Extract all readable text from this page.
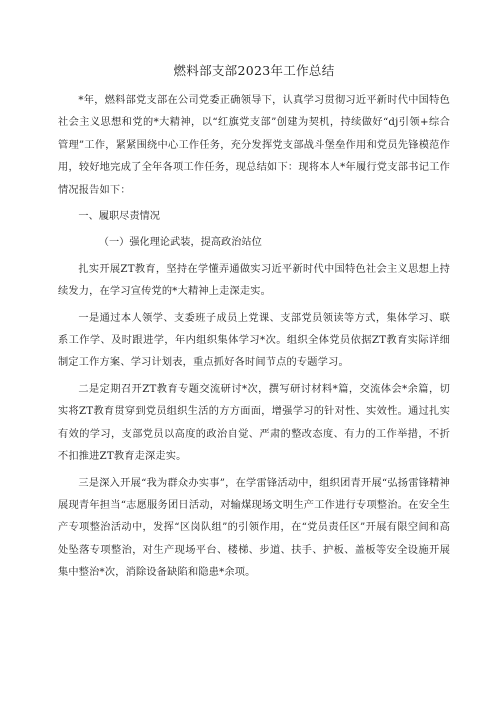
燃料部支部2023年工作总结

*年，燃料部党支部在公司党委正确领导下，认真学习贯彻习近平新时代中国特色社会主义思想和党的*大精神，以“红旗党支部”创建为契机，持续做好“dj引领+综合管理”工作，紧紧围绕中心工作任务，充分发挥党支部战斗堡垒作用和党员先锋模范作用，较好地完成了全年各项工作任务，现总结如下：现将本人*年履行党支部书记工作情况报告如下：

一、履职尽责情况

（一）强化理论武装，提高政治站位

扎实开展ZT教育，坚持在学懂弄通做实习近平新时代中国特色社会主义思想上持续发力，在学习宣传党的*大精神上走深走实。

一是通过本人领学、支委班子成员上党课、支部党员领读等方式，集体学习、联系工作学、及时跟进学，年内组织集体学习*次。组织全体党员依据ZT教育实际详细制定工作方案、学习计划表，重点抓好各时间节点的专题学习。

二是定期召开ZT教育专题交流研讨*次，撰写研讨材料*篇，交流体会*余篇，切实将ZT教育贯穿到党员组织生活的方方面面，增强学习的针对性、实效性。通过扎实有效的学习，支部党员以高度的政治自觉、严肃的整改态度、有力的工作举措，不折不扣推进ZT教育走深走实。

三是深入开展“我为群众办实事”，在学雷锋活动中，组织团青开展“弘扬雷锋精神展现青年担当“志愿服务团日活动，对输煤现场文明生产工作进行专项整治。在安全生产专项整治活动中，发挥“区岗队组”的引领作用，在“党员责任区”开展有限空间和高处坠落专项整治，对生产现场平台、楼梯、步道、扶手、护板、盖板等安全设施开展集中整治*次，消除设备缺陷和隐患*余项。
